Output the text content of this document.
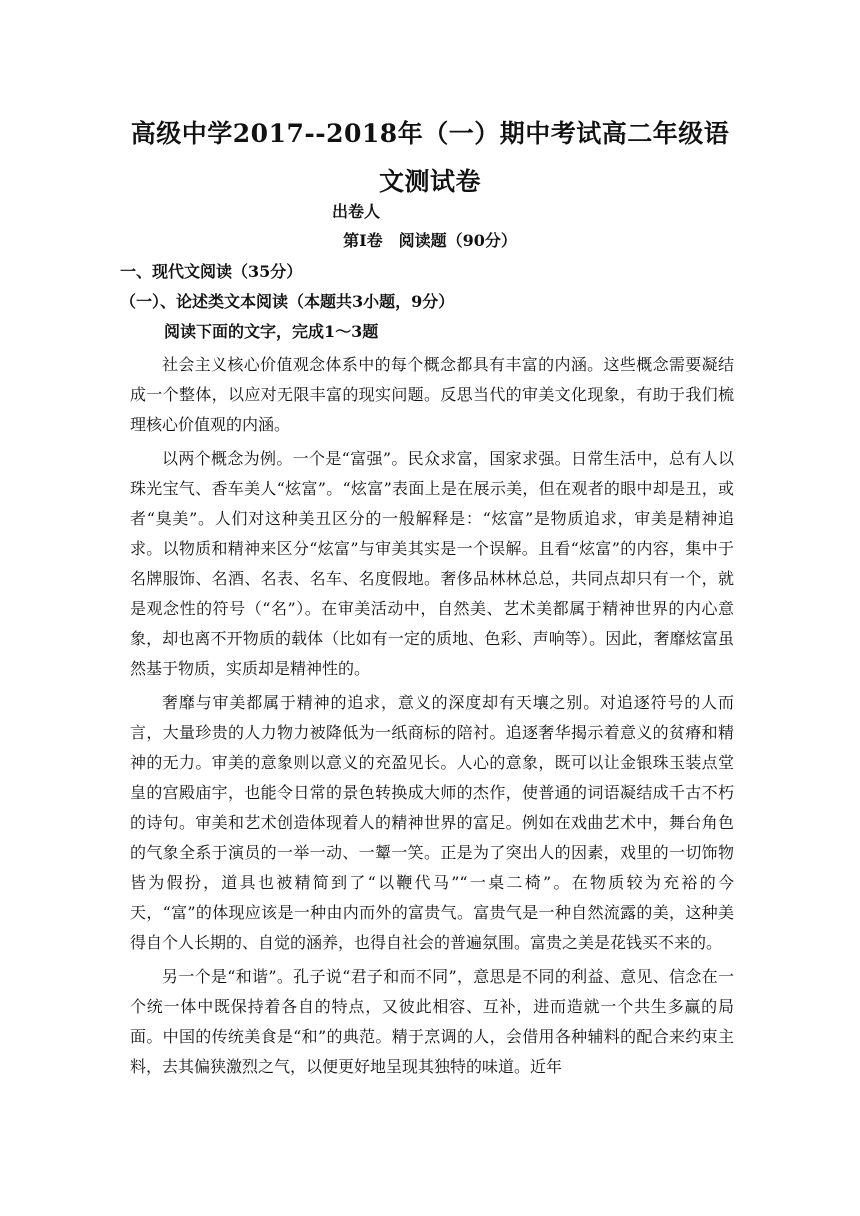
高级中学2017--2018年（一）期中考试高二年级语文测试卷
出卷人
第Ⅰ卷　阅读题（90分）
一、现代文阅读（35分）
（一）、论述类文本阅读（本题共3小题，9分）
阅读下面的文字，完成1～3题

社会主义核心价值观念体系中的每个概念都具有丰富的内涵。这些概念需要凝结成一个整体，以应对无限丰富的现实问题。反思当代的审美文化现象，有助于我们梳理核心价值观的内涵。

以两个概念为例。一个是“富强”。民众求富，国家求强。日常生活中，总有人以珠光宝气、香车美人“炫富”。“炫富”表面上是在展示美，但在观者的眼中却是丑，或者“臭美”。人们对这种美丑区分的一般解释是：“炫富”是物质追求，审美是精神追求。以物质和精神来区分“炫富”与审美其实是一个误解。且看“炫富”的内容，集中于名牌服饰、名酒、名表、名车、名度假地。奢侈品林林总总，共同点却只有一个，就是观念性的符号（“名”）。在审美活动中，自然美、艺术美都属于精神世界的内心意象，却也离不开物质的载体（比如有一定的质地、色彩、声响等）。因此，奢靡炫富虽然基于物质，实质却是精神性的。

奢靡与审美都属于精神的追求，意义的深度却有天壤之别。对追逐符号的人而言，大量珍贵的人力物力被降低为一纸商标的陪衬。追逐奢华揭示着意义的贫瘠和精神的无力。审美的意象则以意义的充盈见长。人心的意象，既可以让金银珠玉装点堂皇的宫殿庙宇，也能令日常的景色转换成大师的杰作，使普通的词语凝结成千古不朽的诗句。审美和艺术创造体现着人的精神世界的富足。例如在戏曲艺术中，舞台角色的气象全系于演员的一举一动、一颦一笑。正是为了突出人的因素，戏里的一切饰物皆为假扮，道具也被精简到了“以鞭代马”“一桌二椅”。在物质较为充裕的今天，“富”的体现应该是一种由内而外的富贵气。富贵气是一种自然流露的美，这种美得自个人长期的、自觉的涵养，也得自社会的普遍氛围。富贵之美是花钱买不来的。

另一个是“和谐”。孔子说“君子和而不同”，意思是不同的利益、意见、信念在一个统一体中既保持着各自的特点，又彼此相容、互补，进而造就一个共生多赢的局面。中国的传统美食是“和”的典范。精于烹调的人，会借用各种辅料的配合来约束主料，去其偏狭激烈之气，以便更好地呈现其独特的味道。近年
